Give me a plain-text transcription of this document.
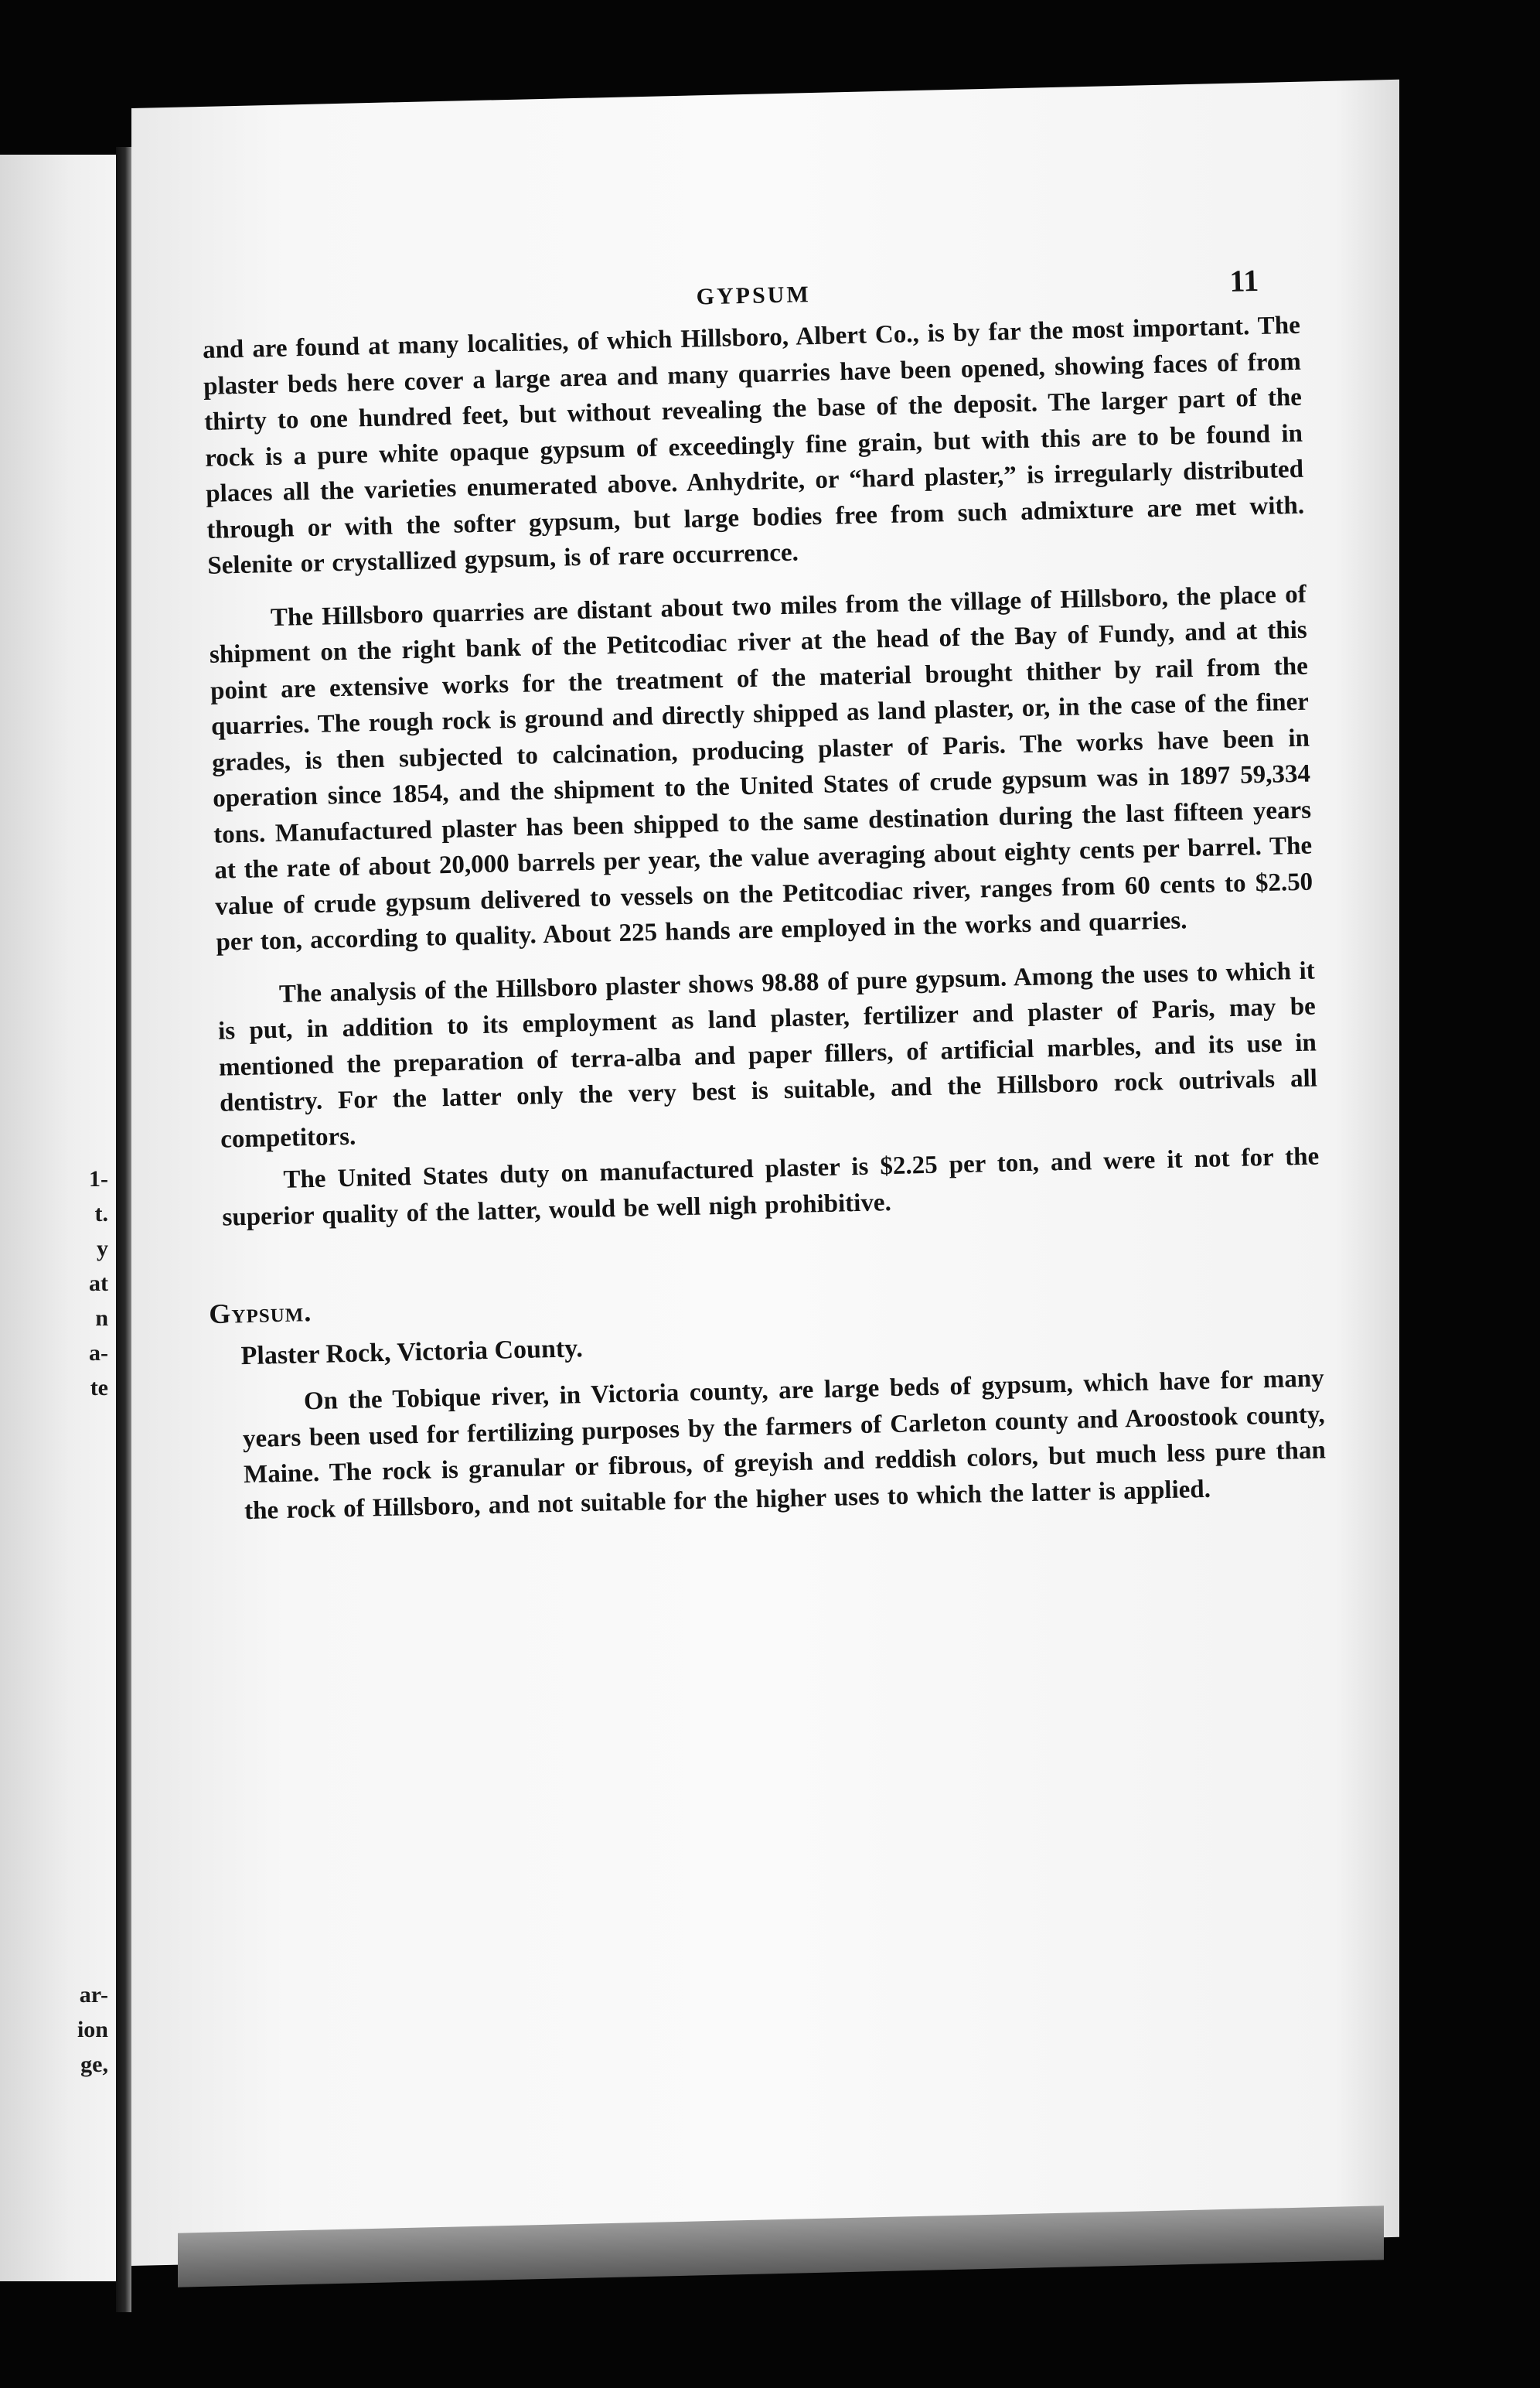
1-
t.
y
at
n
a-
te
ar-
ion
ge,
GYPSUM	11

and are found at many localities, of which Hillsboro, Albert Co., is by far the most important. The plaster beds here cover a large area and many quarries have been opened, showing faces of from thirty to one hundred feet, but without revealing the base of the deposit. The larger part of the rock is a pure white opaque gypsum of exceedingly fine grain, but with this are to be found in places all the varieties enumerated above. Anhydrite, or “hard plaster,” is irregularly distributed through or with the softer gypsum, but large bodies free from such admixture are met with. Selenite or crystallized gypsum, is of rare occurrence.

The Hillsboro quarries are distant about two miles from the village of Hillsboro, the place of shipment on the right bank of the Petitcodiac river at the head of the Bay of Fundy, and at this point are extensive works for the treatment of the material brought thither by rail from the quarries. The rough rock is ground and directly shipped as land plaster, or, in the case of the finer grades, is then subjected to calcination, producing plaster of Paris. The works have been in operation since 1854, and the shipment to the United States of crude gypsum was in 1897 59,334 tons. Manufactured plaster has been shipped to the same destination during the last fifteen years at the rate of about 20,000 barrels per year, the value averaging about eighty cents per barrel. The value of crude gypsum delivered to vessels on the Petitcodiac river, ranges from 60 cents to $2.50 per ton, according to quality. About 225 hands are employed in the works and quarries.

The analysis of the Hillsboro plaster shows 98.88 of pure gypsum. Among the uses to which it is put, in addition to its employment as land plaster, fertilizer and plaster of Paris, may be mentioned the preparation of terra-alba and paper fillers, of artificial marbles, and its use in dentistry. For the latter only the very best is suitable, and the Hillsboro rock outrivals all competitors.

The United States duty on manufactured plaster is $2.25 per ton, and were it not for the superior quality of the latter, would be well nigh prohibitive.

Gypsum.
Plaster Rock, Victoria County.

On the Tobique river, in Victoria county, are large beds of gypsum, which have for many years been used for fertilizing purposes by the farmers of Carleton county and Aroostook county, Maine. The rock is granular or fibrous, of greyish and reddish colors, but much less pure than the rock of Hillsboro, and not suitable for the higher uses to which the latter is applied.
